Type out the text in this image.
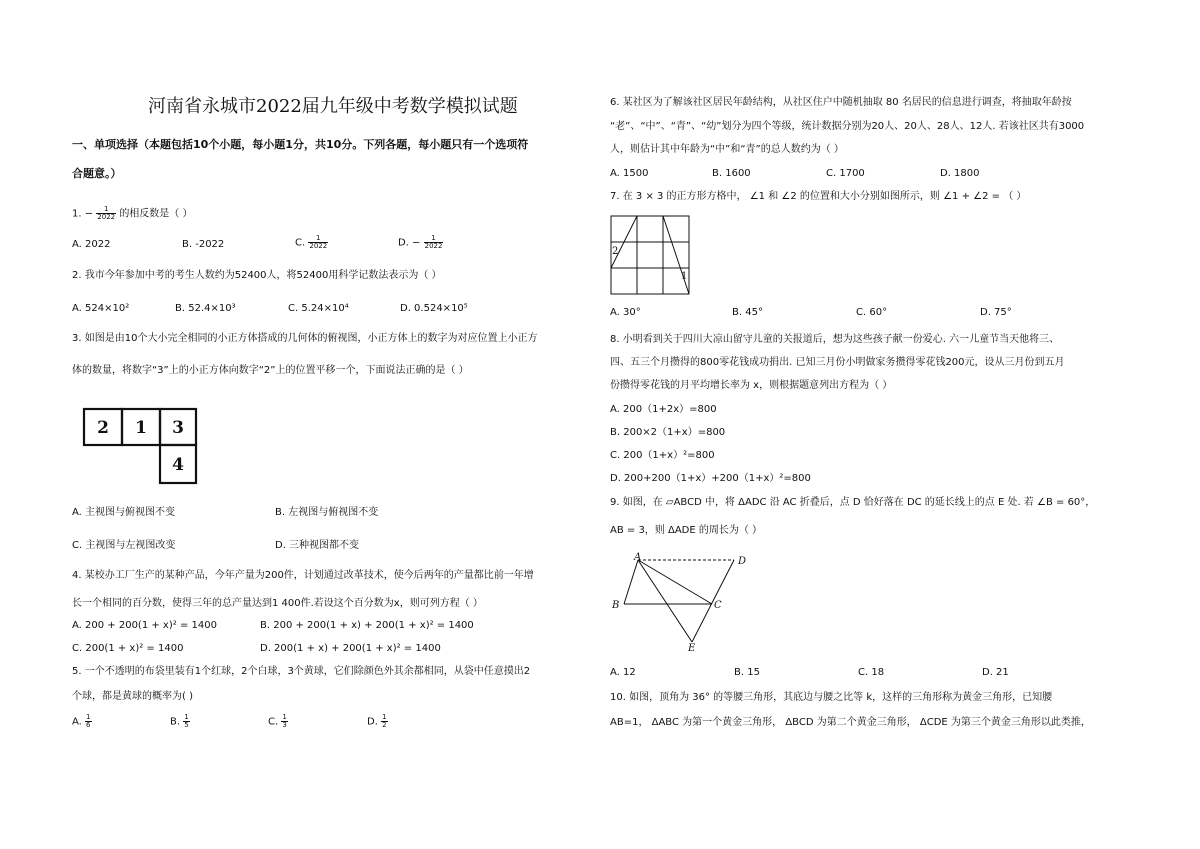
河南省永城市2022届九年级中考数学模拟试题
一、单项选择（本题包括10个小题，每小题1分，共10分。下列各题，每小题只有一个选项符
合题意。）
1. − $\frac{1}{2022}$ 的相反数是（ ）
A. 2022	B. -2022	C. $\frac{1}{2022}$	D. − $\frac{1}{2022}$
2. 我市今年参加中考的考生人数约为52400人，将52400用科学记数法表示为（ ）
A. 524×10²	B. 52.4×10³	C. 5.24×10⁴	D. 0.524×10⁵
3. 如图是由10个大小完全相同的小正方体搭成的几何体的俯视图，小正方体上的数字为对应位置上小正方
体的数量，将数字“3”上的小正方体向数字“2”上的位置平移一个，下面说法正确的是（ ）
2 1 3
4
A. 主视图与俯视图不变	B. 左视图与俯视图不变
C. 主视图与左视图改变	D. 三种视图都不变
4. 某校办工厂生产的某种产品，今年产量为200件，计划通过改革技术，使今后两年的产量都比前一年增
长一个相同的百分数，使得三年的总产量达到1 400件.若设这个百分数为x，则可列方程（ ）
A. 200 + 200(1 + x)² = 1400	B. 200 + 200(1 + x) + 200(1 + x)² = 1400
C. 200(1 + x)² = 1400	D. 200(1 + x) + 200(1 + x)² = 1400
5. 一个不透明的布袋里装有1个红球，2个白球，3个黄球，它们除颜色外其余都相同，从袋中任意摸出2
个球，都是黄球的概率为( )
A. $\frac{1}{6}$	B. $\frac{1}{5}$	C. $\frac{1}{3}$	D. $\frac{1}{2}$
6. 某社区为了解该社区居民年龄结构，从社区住户中随机抽取 80 名居民的信息进行调查，将抽取年龄按
“老”、“中”、“青”、“幼”划分为四个等级，统计数据分别为20人、20人、28人、12人. 若该社区共有3000
人，则估计其中年龄为“中”和“青”的总人数约为（ ）
A. 1500	B. 1600	C. 1700	D. 1800
7. 在 3 × 3 的正方形方格中， ∠1 和 ∠2 的位置和大小分别如图所示，则 ∠1 + ∠2 = （ ）
2
1
A. 30°	B. 45°	C. 60°	D. 75°
8. 小明看到关于四川大凉山留守儿童的关报道后，想为这些孩子献一份爱心. 六一儿童节当天他将三、
四、五三个月攒得的800零花钱成功捐出. 已知三月份小明做家务攒得零花钱200元，设从三月份到五月
份攒得零花钱的月平均增长率为 x，则根据题意列出方程为（ ）
A. 200（1+2x）=800
B. 200×2（1+x）=800
C. 200（1+x）²=800
D. 200+200（1+x）+200（1+x）²=800
9. 如图，在 ▱ABCD 中，将 ΔADC 沿 AC 折叠后，点 D 恰好落在 DC 的延长线上的点 E 处. 若 ∠B = 60°，
AB = 3，则 ΔADE 的周长为（ ）
A
B	C
D
E
A. 12	B. 15	C. 18	D. 21
10. 如图，顶角为 36° 的等腰三角形，其底边与腰之比等 k，这样的三角形称为黄金三角形，已知腰
AB=1， ΔABC 为第一个黄金三角形， ΔBCD 为第二个黄金三角形， ΔCDE 为第三个黄金三角形以此类推，
